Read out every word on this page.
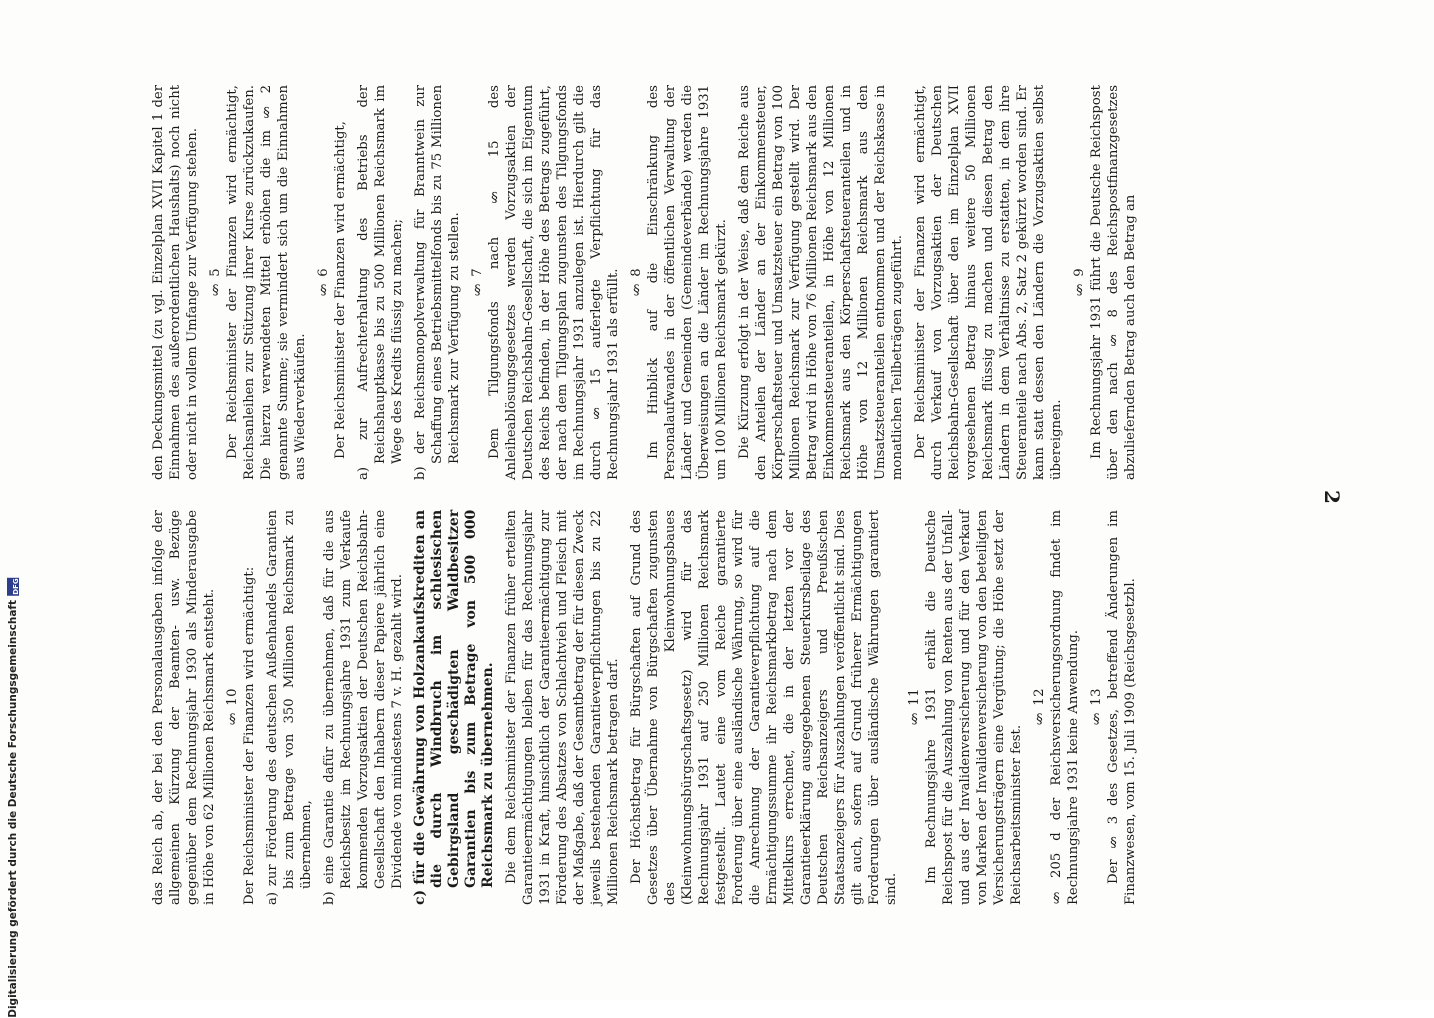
2

den Deckungsmittel (zu vgl. Einzelplan XVII Kapitel 1 der Einnahmen des außerordentlichen Haushalts) noch nicht oder nicht in vollem Umfange zur Verfügung stehen. § 5 Der Reichsminister der Finanzen wird ermächtigt, Reichsanleihen zur Stützung ihrer Kurse zurückzukaufen. Die hierzu verwendeten Mittel erhöhen die im § 2 genannte Summe; sie vermindert sich um die Einnahmen aus Wiederverkäufen.

§ 6 Der Reichsminister der Finanzen wird ermächtigt, a) zur Aufrechterhaltung des Betriebs der Reichshauptkasse bis zu 500 Millionen Reichsmark im Wege des Kredits flüssig zu machen; b) der Reichsmonopolverwaltung für Branntwein zur Schaffung eines Betriebsmittelfonds bis zu 75 Millionen Reichsmark zur Verfügung zu stellen. § 7 Dem Tilgungsfonds nach § 15 des Anleiheablösungsgesetzes werden Vorzugsaktien der Deutschen Reichsbahn-Gesellschaft, die sich im Eigentum des Reichs befinden, in der Höhe des Betrags zugeführt, der nach dem Tilgungsplan zugunsten des Tilgungsfonds im Rechnungsjahr 1931 anzulegen ist. Hierdurch gilt die durch § 15 auferlegte Verpflichtung für das Rechnungsjahr 1931 als erfüllt. § 8 Im Hinblick auf die Einschränkung des Personalaufwandes in der öffentlichen Verwaltung der Länder und Gemeinden (Gemeindeverbände) werden die Überweisungen an die Länder im Rechnungsjahre 1931 um 100 Millionen Reichsmark gekürzt. Die Kürzung erfolgt in der Weise, daß dem Reiche aus den Anteilen der Länder an der Einkommensteuer, Körperschaftsteuer und Umsatzsteuer ein Betrag von 100 Millionen Reichsmark zur Verfügung gestellt wird. Der Betrag wird in Höhe von 76 Millionen Reichsmark aus den Einkommensteueranteilen, in Höhe von 12 Millionen Reichsmark aus den Körperschaftsteueranteilen und in Höhe von 12 Millionen Reichsmark aus den Umsatzsteueranteilen entnommen und der Reichskasse in monatlichen Teilbeträgen zugeführt. Der Reichsminister der Finanzen wird ermächtigt, durch Verkauf von Vorzugsaktien der Deutschen Reichsbahn-Gesellschaft über den im Einzelplan XVII vorgesehenen Betrag hinaus weitere 50 Millionen Reichsmark flüssig zu machen und diesen Betrag den Ländern in dem Verhältnisse zu erstatten, in dem ihre Steueranteile nach Abs. 2, Satz 2 gekürzt worden sind. Er kann statt dessen den Ländern die Vorzugsaktien selbst übereignen.

§ 9 Im Rechnungsjahr 1931 führt die Deutsche Reichspost über den nach § 8 des Reichspostfinanzgesetzes abzuliefernden Betrag auch den Betrag an

das Reich ab, der bei den Personalausgaben infolge der allgemeinen Kürzung der Beamten- usw. Bezüge gegenüber dem Rechnungsjahr 1930 als Minderausgabe in Höhe von 62 Millionen Reichsmark entsteht. § 10 Der Reichsminister der Finanzen wird ermächtigt: a) zur Förderung des deutschen Außenhandels Garantien bis zum Betrage von 350 Millionen Reichsmark zu übernehmen, b) eine Garantie dafür zu übernehmen, daß für die aus Reichsbesitz im Rechnungsjahre 1931 zum Verkaufe kommenden Vorzugsaktien der Deutschen Reichsbahn-Gesellschaft den Inhabern dieser Papiere jährlich eine Dividende von mindestens 7 v. H. gezahlt wird. c) für die Gewährung von Holzankaufskrediten an die durch Windbruch im schlesischen Gebirgsland geschädigten Waldbesitzer Garantien bis zum Betrage von 500 000 Reichsmark zu übernehmen. Die dem Reichsminister der Finanzen früher erteilten Garantieermächtigungen bleiben für das Rechnungsjahr 1931 in Kraft, hinsichtlich der Garantieermächtigung zur Förderung des Absatzes von Schlachtvieh und Fleisch mit der Maßgabe, daß der Gesamtbetrag der für diesen Zweck jeweils bestehenden Garantieverpflichtungen bis zu 22 Millionen Reichsmark betragen darf. Der Höchstbetrag für Bürgschaften auf Grund des Gesetzes über Übernahme von Bürgschaften zugunsten des Kleinwohnungsbaues (Kleinwohnungsbürgschaftsgesetz) wird für das Rechnungsjahr 1931 auf 250 Millionen Reichsmark festgestellt. Lautet eine vom Reiche garantierte Forderung über eine ausländische Währung, so wird für die Anrechnung der Garantieverpflichtung auf die Ermächtigungssumme ihr Reichsmarkbetrag nach dem Mittelkurs errechnet, die in der letzten vor der Garantieerklärung ausgegebenen Steuerkursbeilage des Deutschen Reichsanzeigers und Preußischen Staatsanzeigers für Auszahlungen veröffentlicht sind. Dies gilt auch, sofern auf Grund früherer Ermächtigungen Forderungen über ausländische Währungen garantiert sind.

§ 11 Im Rechnungsjahre 1931 erhält die Deutsche Reichspost für die Auszahlung von Renten aus der Unfall- und aus der Invalidenversicherung und für den Verkauf von Marken der Invalidenversicherung von den beteiligten Versicherungsträgern eine Vergütung; die Höhe setzt der Reichsarbeitsminister fest.

§ 12 § 205 d der Reichsversicherungsordnung findet im Rechnungsjahre 1931 keine Anwendung. § 13 Der § 3 des Gesetzes, betreffend Änderungen im Finanzwesen, vom 15. Juli 1909 (Reichsgesetzbl.

Digitalisierung gefördert durch die Deutsche Forschungsgemeinschaft
DFG
